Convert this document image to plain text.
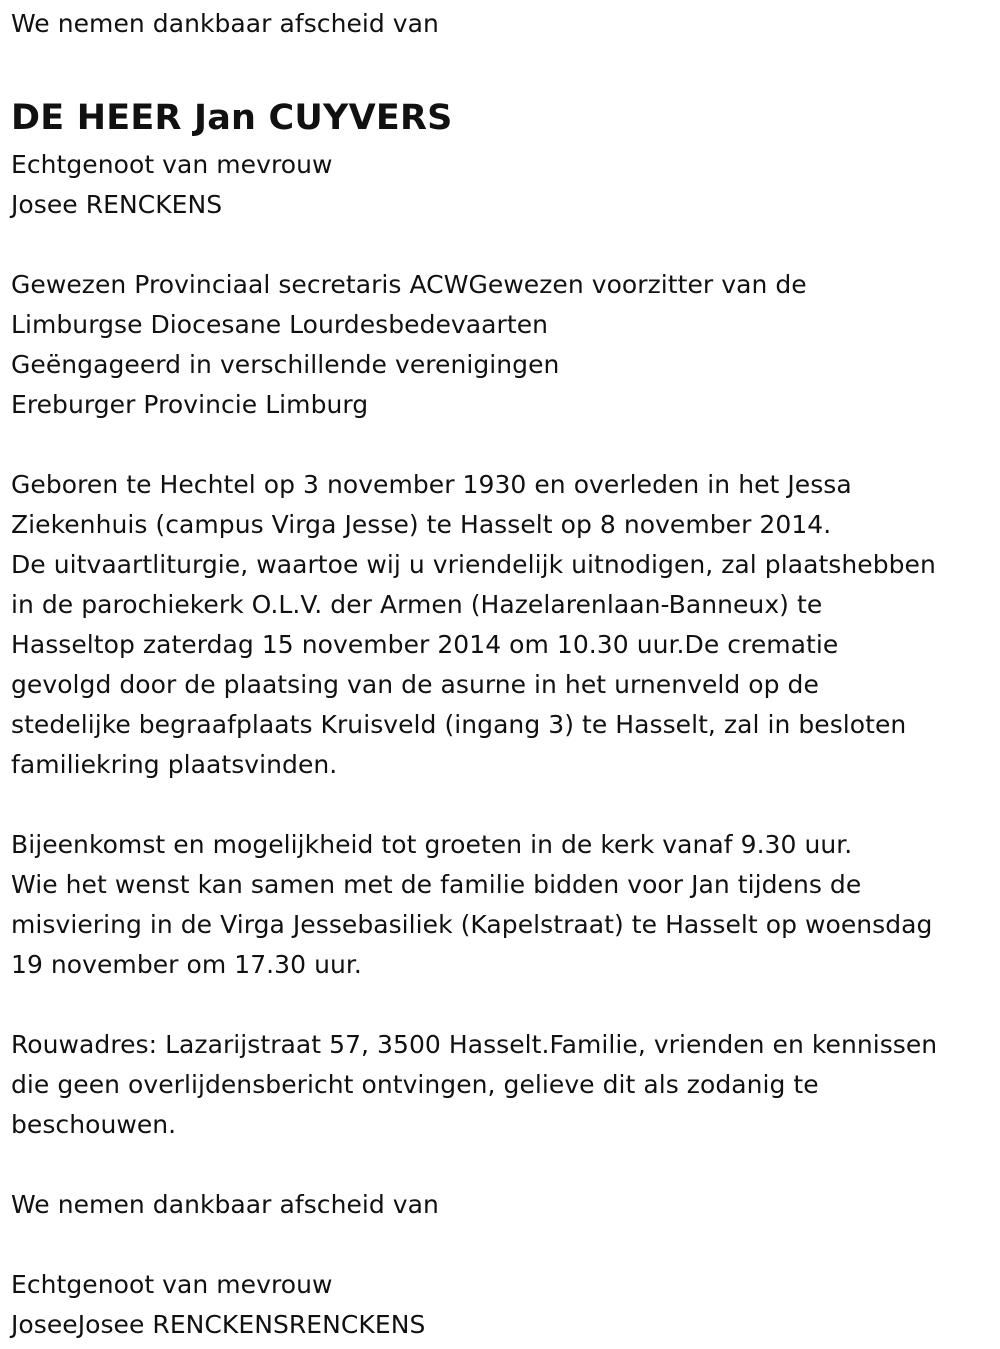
We nemen dankbaar afscheid van
DE HEER Jan CUYVERS
Echtgenoot van mevrouw
Josee RENCKENS
Gewezen Provinciaal secretaris ACWGewezen voorzitter van de
Limburgse Diocesane Lourdesbedevaarten
Geëngageerd in verschillende verenigingen
Ereburger Provincie Limburg
Geboren te Hechtel op 3 november 1930 en overleden in het Jessa
Ziekenhuis (campus Virga Jesse) te Hasselt op 8 november 2014.
De uitvaartliturgie, waartoe wij u vriendelijk uitnodigen, zal plaatshebben
in de parochiekerk O.L.V. der Armen (Hazelarenlaan-Banneux) te
Hasseltop zaterdag 15 november 2014 om 10.30 uur.De crematie
gevolgd door de plaatsing van de asurne in het urnenveld op de
stedelijke begraafplaats Kruisveld (ingang 3) te Hasselt, zal in besloten
familiekring plaatsvinden.
Bijeenkomst en mogelijkheid tot groeten in de kerk vanaf 9.30 uur.
Wie het wenst kan samen met de familie bidden voor Jan tijdens de
misviering in de Virga Jessebasiliek (Kapelstraat) te Hasselt op woensdag
19 november om 17.30 uur.
Rouwadres: Lazarijstraat 57, 3500 Hasselt.Familie, vrienden en kennissen
die geen overlijdensbericht ontvingen, gelieve dit als zodanig te
beschouwen.
We nemen dankbaar afscheid van
Echtgenoot van mevrouw
JoseeJosee RENCKENSRENCKENS
